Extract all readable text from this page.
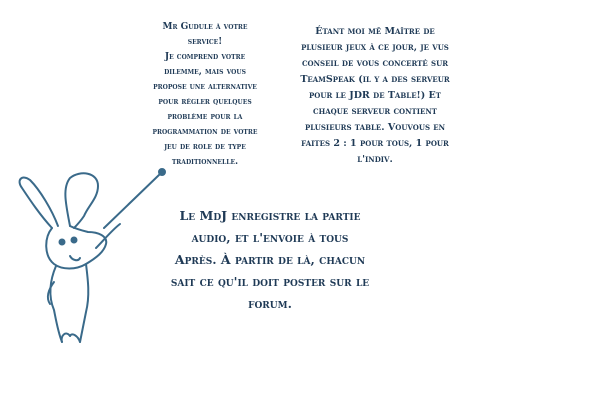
Mr Gudule à votre
service!
Je comprend votre
dilemme, mais vous
propose une alternative
pour régler quelques
problème pour la
programmation de votre
jeu de role de type
traditionnelle.
Étant moi mê Maître de
plusieur jeux à ce jour, je vus
conseil de vous concerté sur
TeamSpeak (il y a des serveur
pour le JDR de Table!) Et
chaque serveur contient
plusieurs table. Vouvous en
faites 2 : 1 pour tous, 1 pour
l'indiv.
Le MdJ enregistre la partie
audio, et l'envoie à tous
Après. À partir de là, chacun
sait ce qu'il doit poster sur le
forum.
